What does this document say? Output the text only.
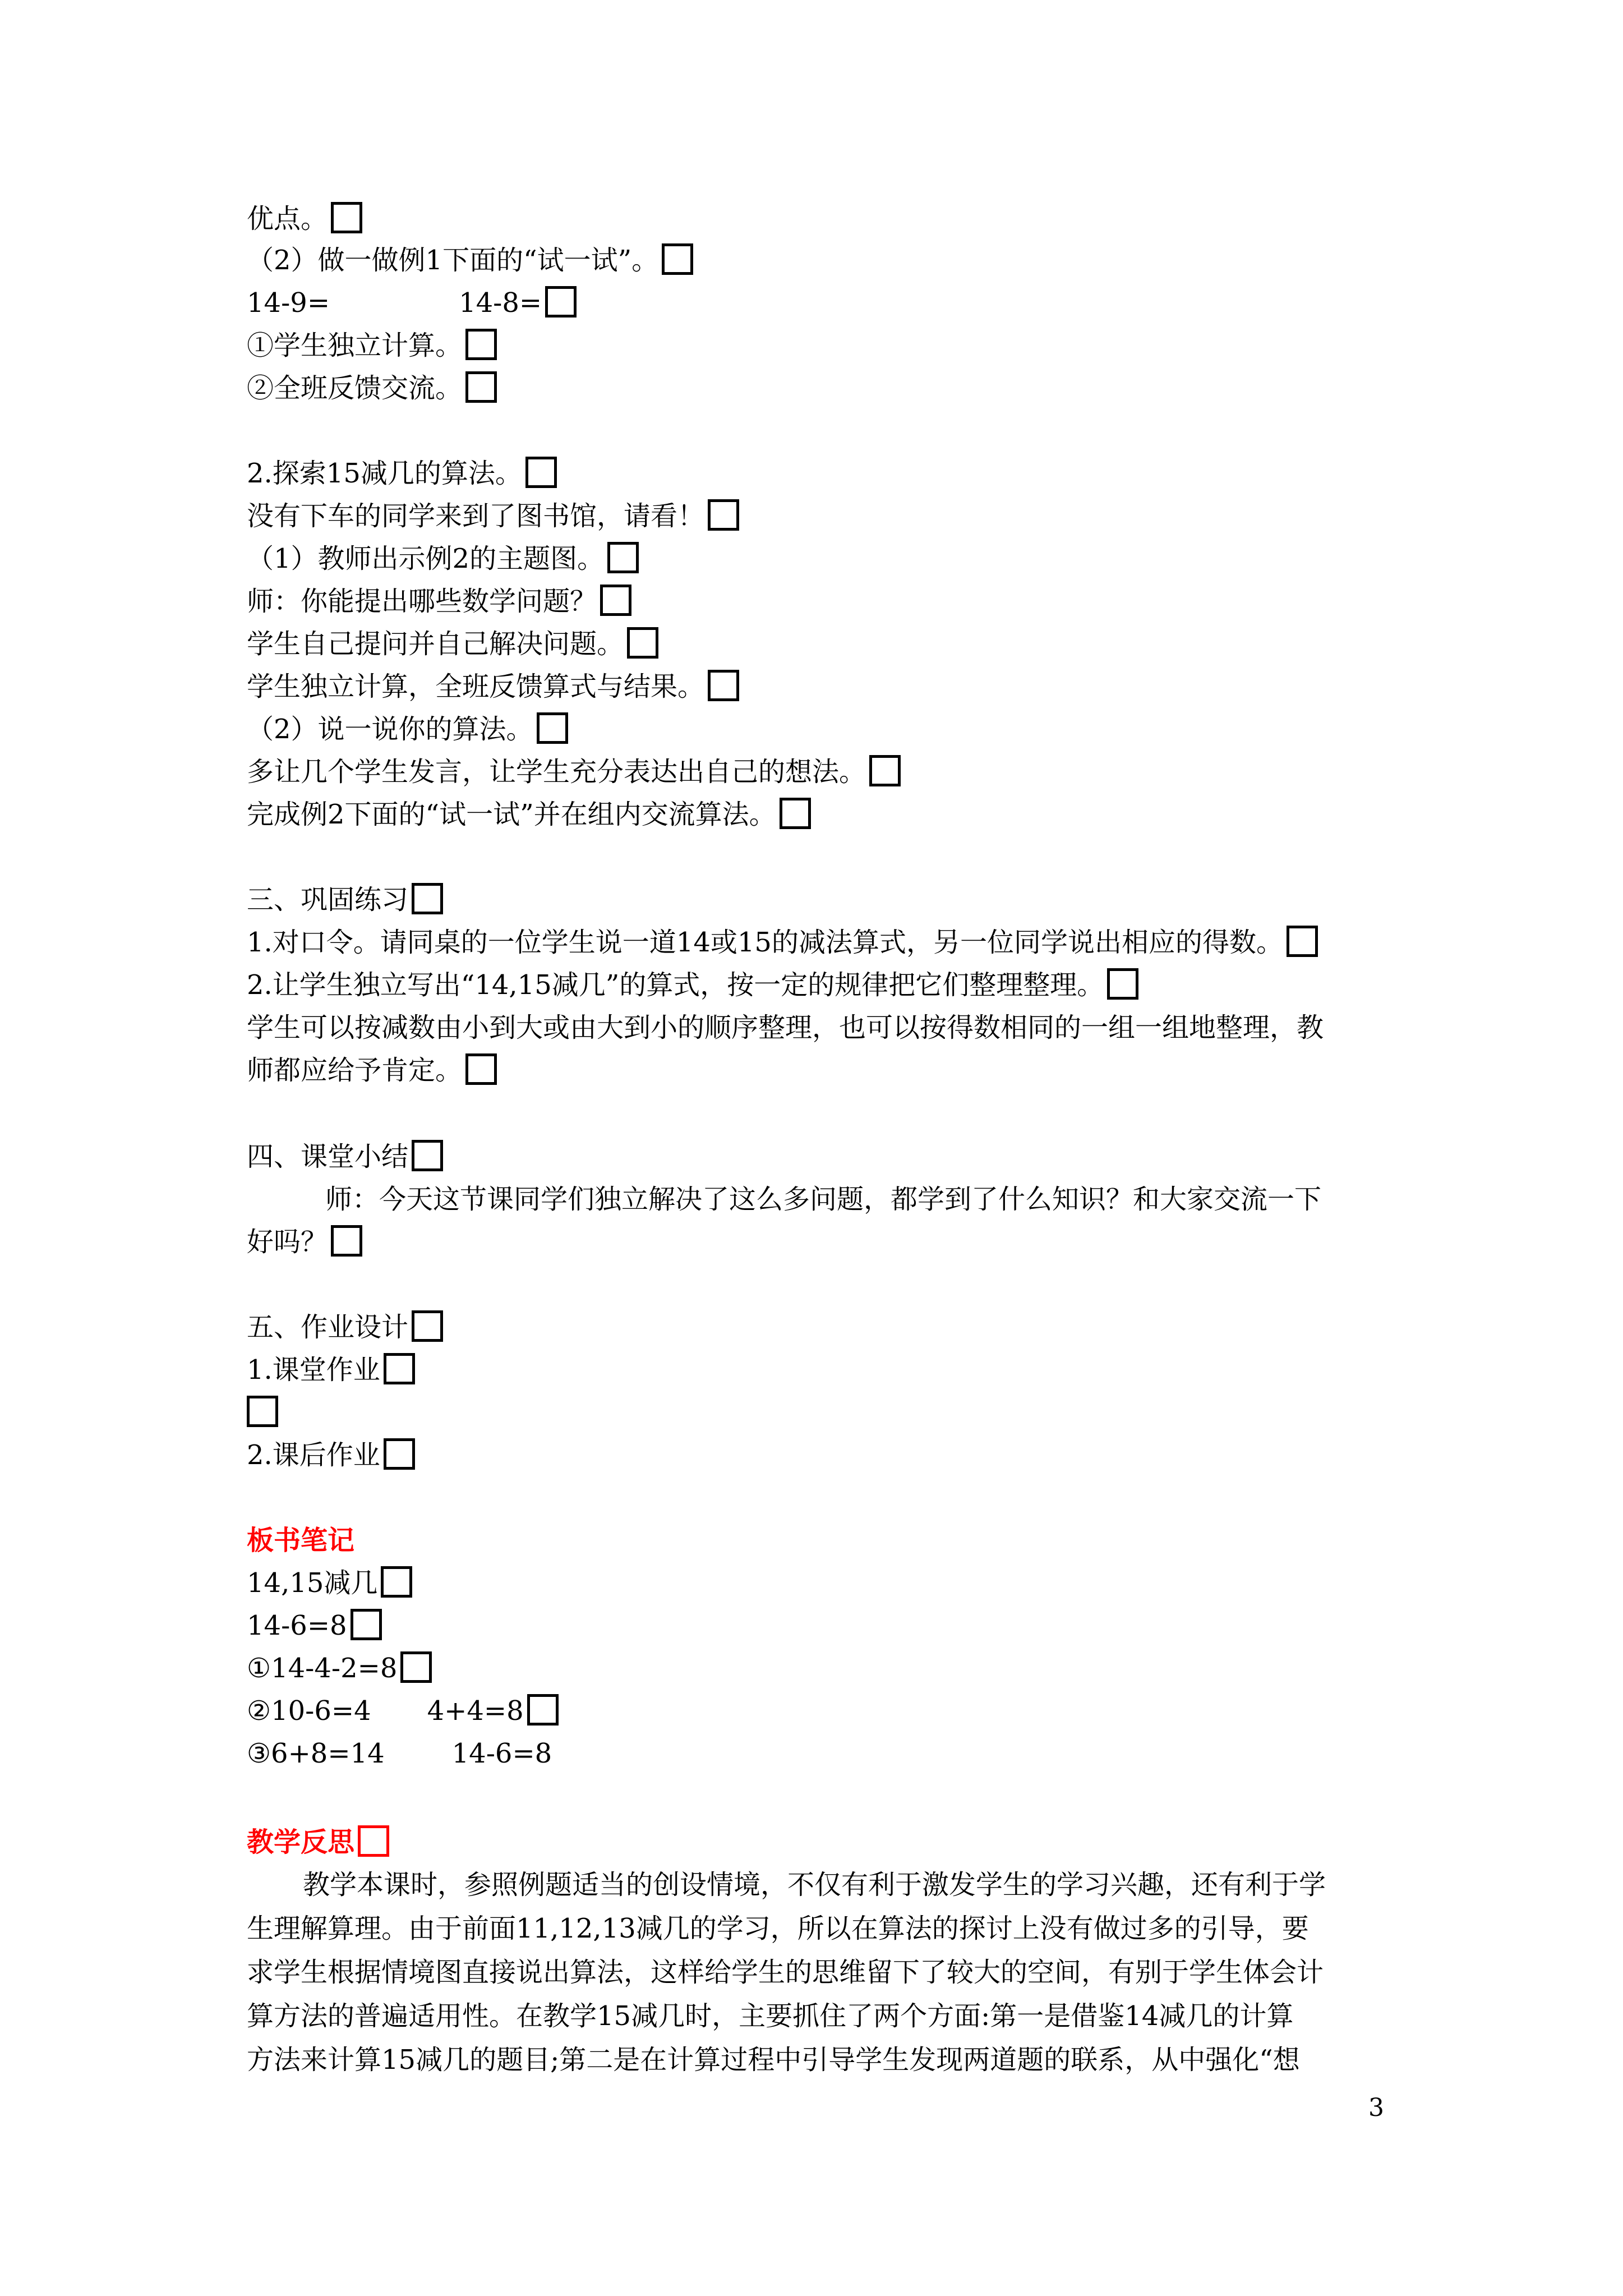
优点。
（2）做一做例1下面的“试一试”。
14-9=	14-8=
①学生独立计算。
②全班反馈交流。
2.探索15减几的算法。
没有下车的同学来到了图书馆，请看！
（1）教师出示例2的主题图。
师：你能提出哪些数学问题？
学生自己提问并自己解决问题。
学生独立计算，全班反馈算式与结果。
（2）说一说你的算法。
多让几个学生发言，让学生充分表达出自己的想法。
完成例2下面的“试一试”并在组内交流算法。
三、巩固练习
1.对口令。请同桌的一位学生说一道14或15的减法算式，另一位同学说出相应的得数。
2.让学生独立写出“14,15减几”的算式，按一定的规律把它们整理整理。
学生可以按减数由小到大或由大到小的顺序整理，也可以按得数相同的一组一组地整理，教
师都应给予肯定。
四、课堂小结
师：今天这节课同学们独立解决了这么多问题，都学到了什么知识？和大家交流一下
好吗？
五、作业设计
1.课堂作业
2.课后作业
板书笔记
14,15减几
14-6=8
①14-4-2=8
②10-6=4 4+4=8
③6+8=14	14-6=8
教学反思
教学本课时，参照例题适当的创设情境，不仅有利于激发学生的学习兴趣，还有利于学
生理解算理。由于前面11,12,13减几的学习，所以在算法的探讨上没有做过多的引导，要
求学生根据情境图直接说出算法，这样给学生的思维留下了较大的空间，有别于学生体会计
算方法的普遍适用性。在教学15减几时，主要抓住了两个方面:第一是借鉴14减几的计算
方法来计算15减几的题目;第二是在计算过程中引导学生发现两道题的联系，从中强化“想
3
